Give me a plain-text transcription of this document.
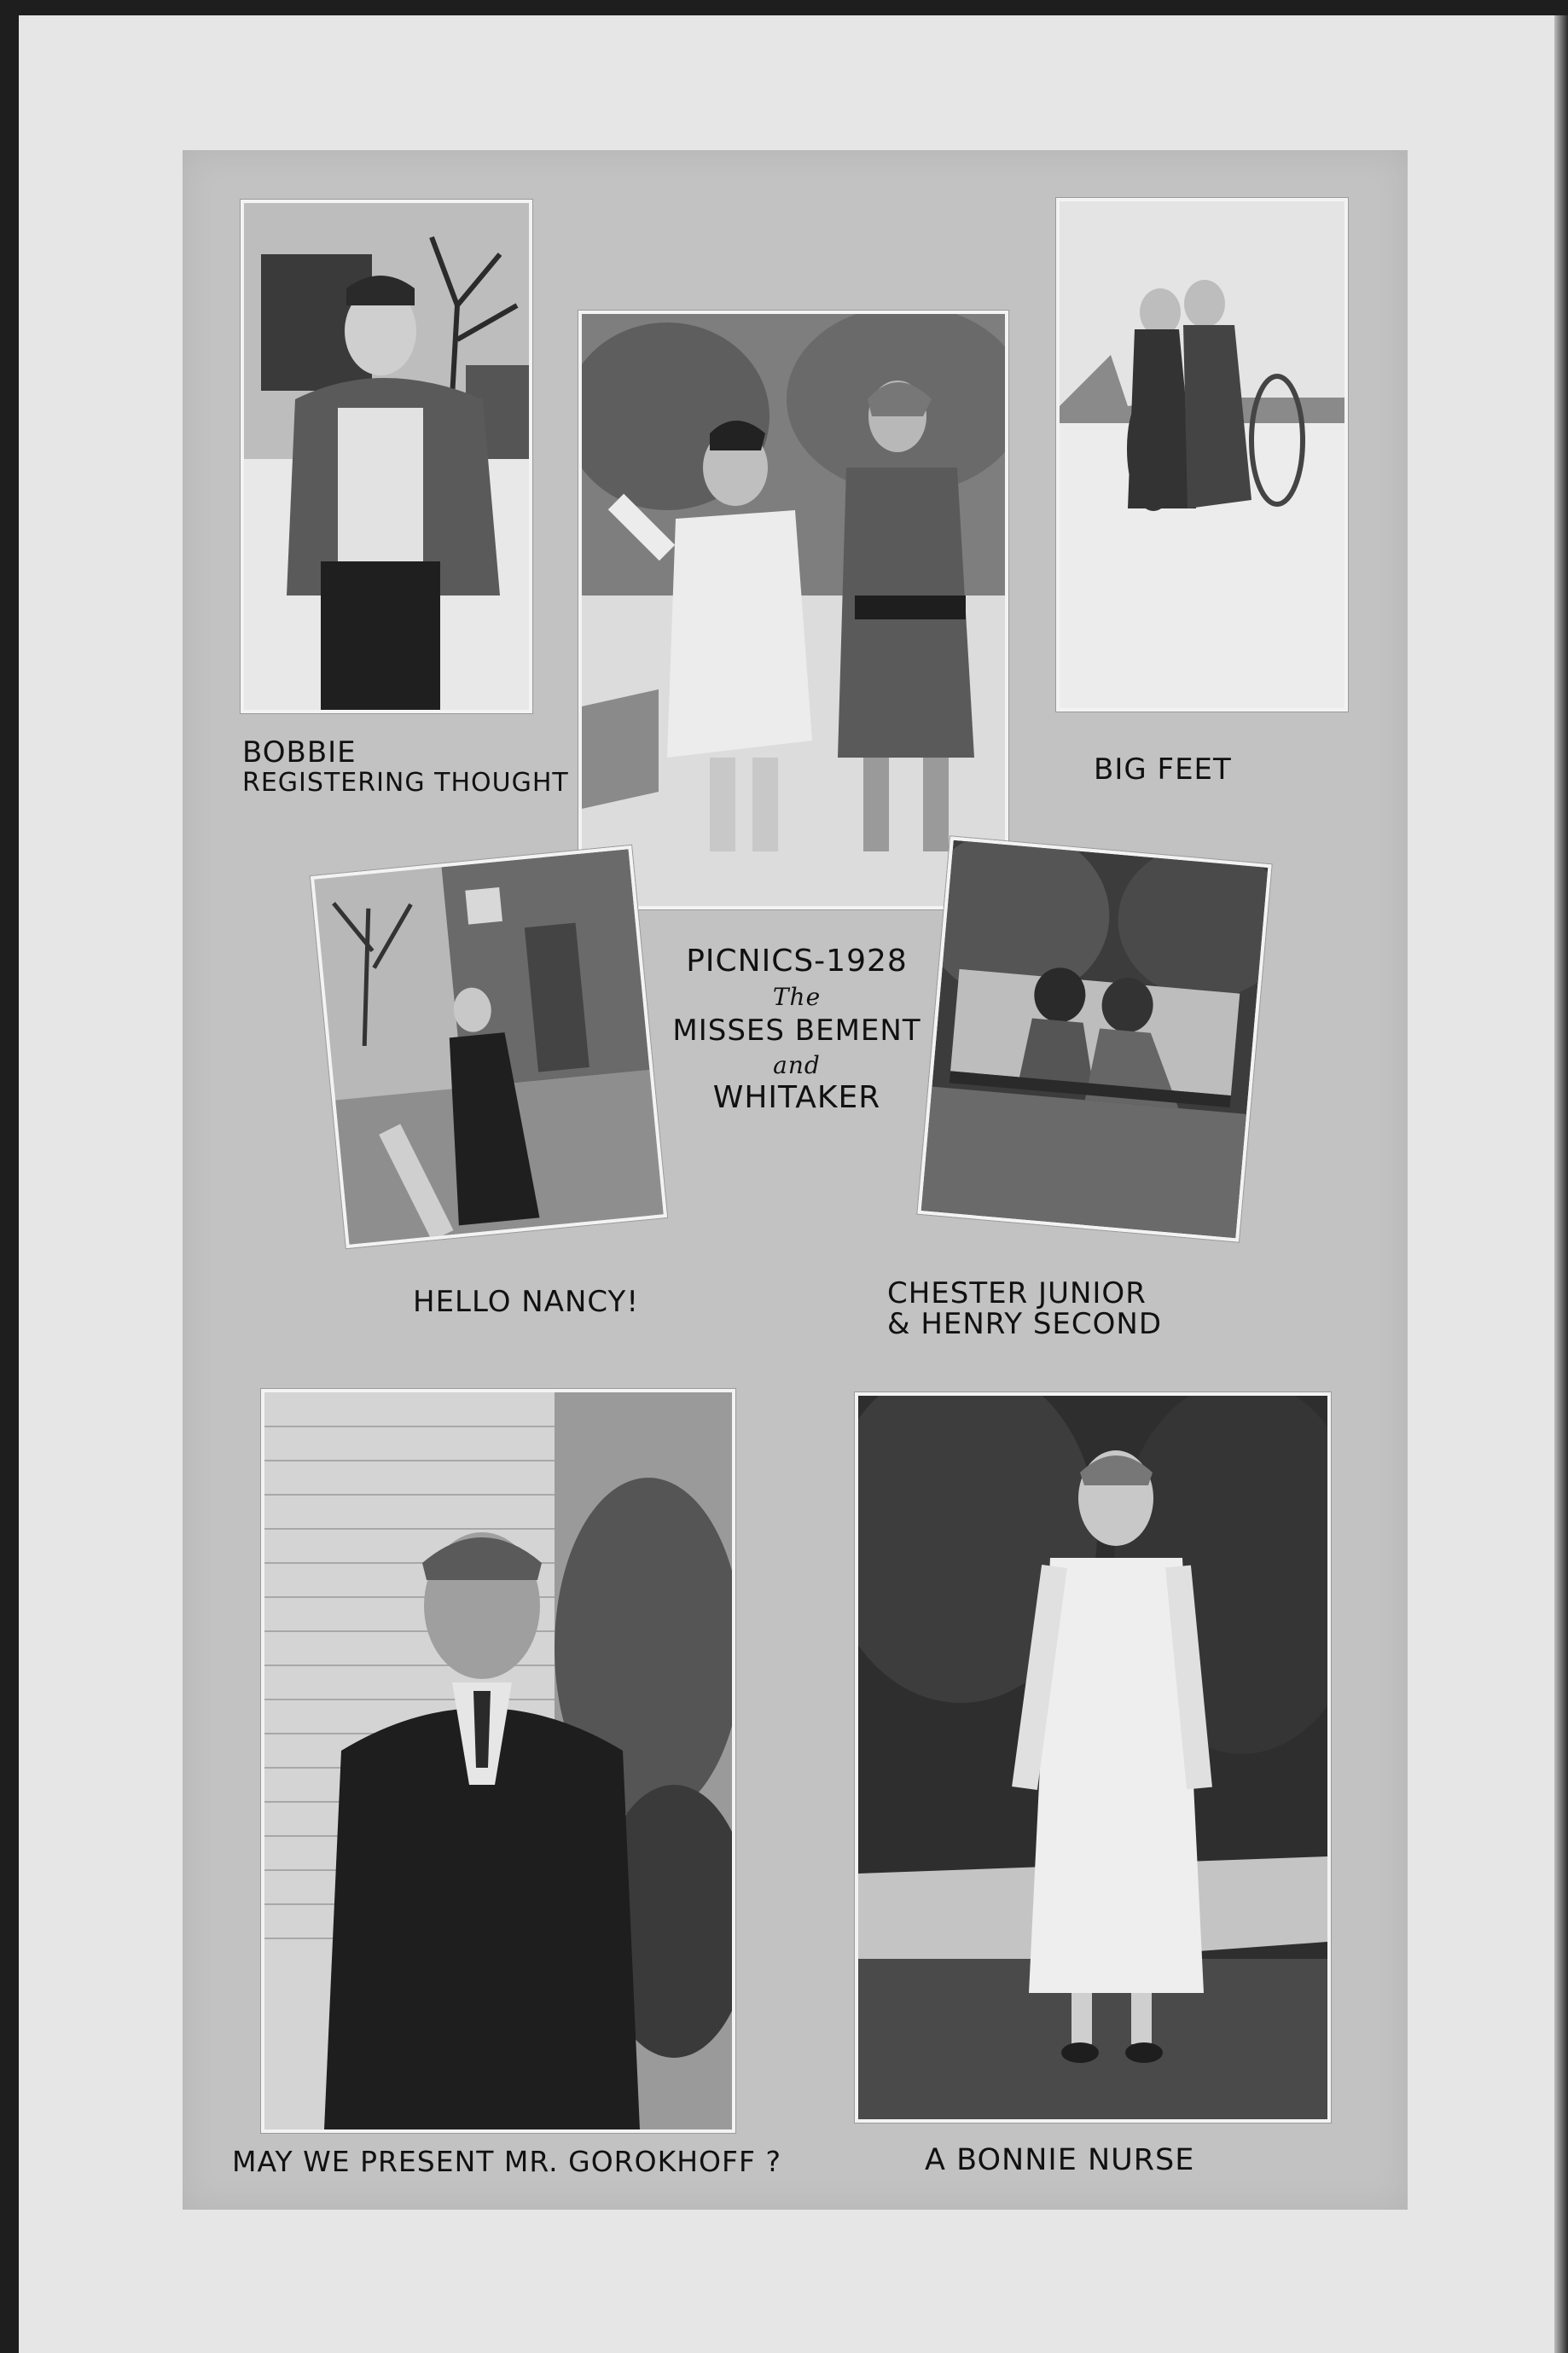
BOBBIE
REGISTERING THOUGHT	BIG FEET
HELLO NANCY!
PICNICS-1928
The
MISSES BEMENT
and
WHITAKER
CHESTER JUNIOR
& HENRY SECOND
MAY WE PRESENT MR. GOROKHOFF ?	A BONNIE NURSE
